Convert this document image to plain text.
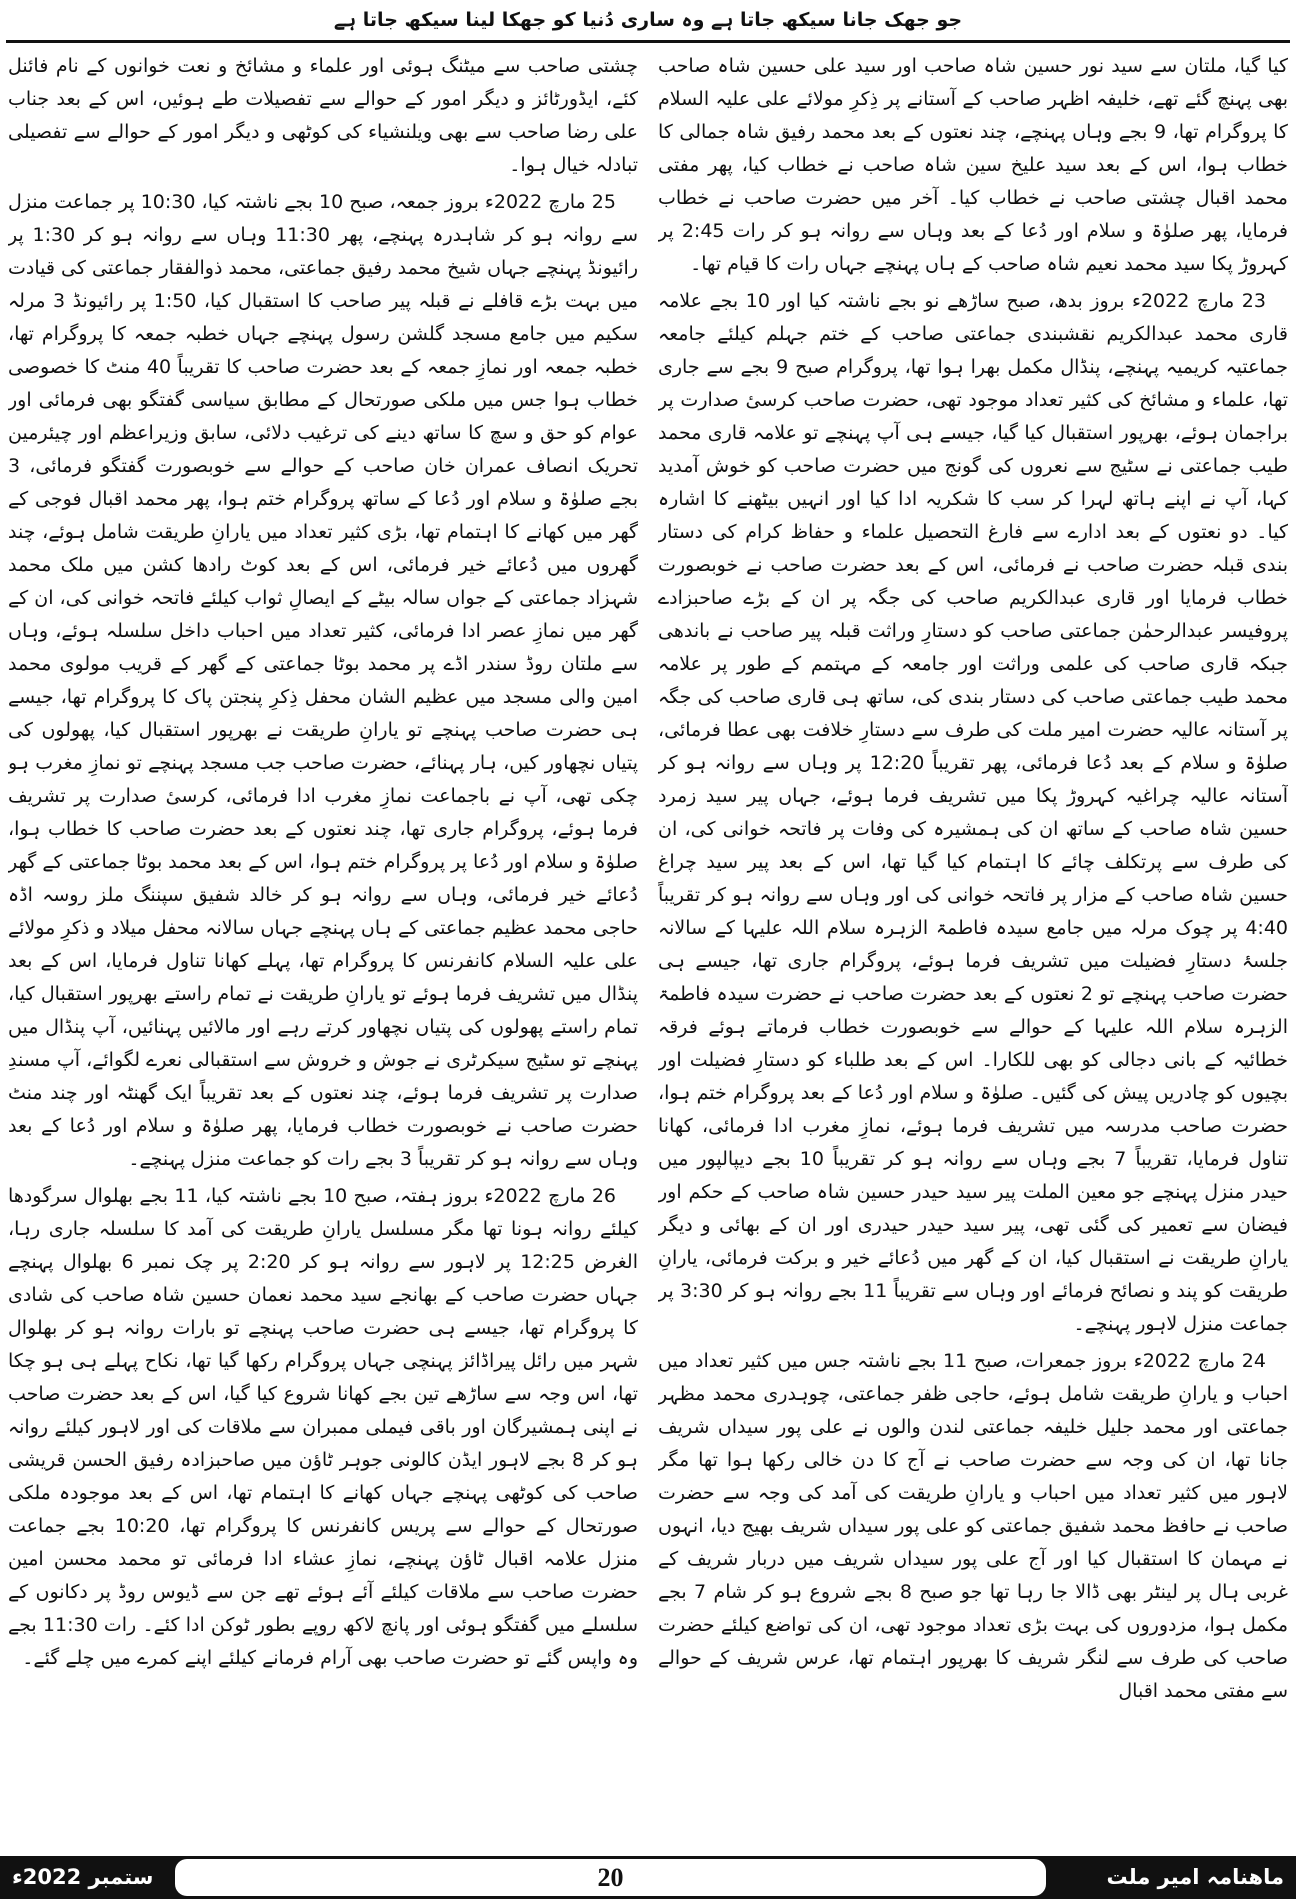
جو جھک جانا سیکھ جاتا ہے وہ ساری دُنیا کو جھکا لینا سیکھ جاتا ہے

کیا گیا، ملتان سے سید نور حسین شاہ صاحب اور سید علی حسین شاہ صاحب بھی پہنچ گئے تھے، خلیفہ اظہر صاحب کے آستانے پر ذِکرِ مولائے علی علیہ السلام کا پروگرام تھا، 9 بجے وہاں پہنچے، چند نعتوں کے بعد محمد رفیق شاہ جمالی کا خطاب ہوا، اس کے بعد سید علیخ سین شاہ صاحب نے خطاب کیا، پھر مفتی محمد اقبال چشتی صاحب نے خطاب کیا۔ آخر میں حضرت صاحب نے خطاب فرمایا، پھر صلوٰۃ و سلام اور دُعا کے بعد وہاں سے روانہ ہو کر رات 2:45 پر کہروڑ پکا سید محمد نعیم شاہ صاحب کے ہاں پہنچے جہاں رات کا قیام تھا۔

23 مارچ 2022ء بروز بدھ، صبح ساڑھے نو بجے ناشتہ کیا اور 10 بجے علامہ قاری محمد عبدالکریم نقشبندی جماعتی صاحب کے ختم جہلم کیلئے جامعہ جماعتیہ کریمیہ پہنچے، پنڈال مکمل بھرا ہوا تھا، پروگرام صبح 9 بجے سے جاری تھا، علماء و مشائخ کی کثیر تعداد موجود تھی، حضرت صاحب کرسیٔ صدارت پر براجمان ہوئے، بھرپور استقبال کیا گیا، جیسے ہی آپ پہنچے تو علامہ قاری محمد طیب جماعتی نے سٹیج سے نعروں کی گونج میں حضرت صاحب کو خوش آمدید کہا، آپ نے اپنے ہاتھ لہرا کر سب کا شکریہ ادا کیا اور انہیں بیٹھنے کا اشارہ کیا۔ دو نعتوں کے بعد ادارے سے فارغ التحصیل علماء و حفاظ کرام کی دستار بندی قبلہ حضرت صاحب نے فرمائی، اس کے بعد حضرت صاحب نے خوبصورت خطاب فرمایا اور قاری عبدالکریم صاحب کی جگہ پر ان کے بڑے صاحبزادے پروفیسر عبدالرحمٰن جماعتی صاحب کو دستارِ وراثت قبلہ پیر صاحب نے باندھی جبکہ قاری صاحب کی علمی وراثت اور جامعہ کے مہتمم کے طور پر علامہ محمد طیب جماعتی صاحب کی دستار بندی کی، ساتھ ہی قاری صاحب کی جگہ پر آستانہ عالیہ حضرت امیر ملت کی طرف سے دستارِ خلافت بھی عطا فرمائی، صلوٰۃ و سلام کے بعد دُعا فرمائی، پھر تقریباً 12:20 پر وہاں سے روانہ ہو کر آستانہ عالیہ چراغیہ کہروڑ پکا میں تشریف فرما ہوئے، جہاں پیر سید زمرد حسین شاہ صاحب کے ساتھ ان کی ہمشیرہ کی وفات پر فاتحہ خوانی کی، ان کی طرف سے پرتکلف چائے کا اہتمام کیا گیا تھا، اس کے بعد پیر سید چراغ حسین شاہ صاحب کے مزار پر فاتحہ خوانی کی اور وہاں سے روانہ ہو کر تقریباً 4:40 پر چوک مرلہ میں جامع سیدہ فاطمۃ الزہرہ سلام اللہ علیہا کے سالانہ جلسۂ دستارِ فضیلت میں تشریف فرما ہوئے، پروگرام جاری تھا، جیسے ہی حضرت صاحب پہنچے تو 2 نعتوں کے بعد حضرت صاحب نے حضرت سیدہ فاطمۃ الزہرہ سلام اللہ علیہا کے حوالے سے خوبصورت خطاب فرماتے ہوئے فرقہ خطائیہ کے بانی دجالی کو بھی للکارا۔ اس کے بعد طلباء کو دستارِ فضیلت اور بچیوں کو چادریں پیش کی گئیں۔ صلوٰۃ و سلام اور دُعا کے بعد پروگرام ختم ہوا، حضرت صاحب مدرسہ میں تشریف فرما ہوئے، نمازِ مغرب ادا فرمائی، کھانا تناول فرمایا، تقریباً 7 بجے وہاں سے روانہ ہو کر تقریباً 10 بجے دیپالپور میں حیدر منزل پہنچے جو معین الملت پیر سید حیدر حسین شاہ صاحب کے حکم اور فیضان سے تعمیر کی گئی تھی، پیر سید حیدر حیدری اور ان کے بھائی و دیگر یارانِ طریقت نے استقبال کیا، ان کے گھر میں دُعائے خیر و برکت فرمائی، یارانِ طریقت کو پند و نصائح فرمائے اور وہاں سے تقریباً 11 بجے روانہ ہو کر 3:30 پر جماعت منزل لاہور پہنچے۔

24 مارچ 2022ء بروز جمعرات، صبح 11 بجے ناشتہ جس میں کثیر تعداد میں احباب و یارانِ طریقت شامل ہوئے، حاجی ظفر جماعتی، چوہدری محمد مظہر جماعتی اور محمد جلیل خلیفہ جماعتی لندن والوں نے علی پور سیداں شریف جانا تھا، ان کی وجہ سے حضرت صاحب نے آج کا دن خالی رکھا ہوا تھا مگر لاہور میں کثیر تعداد میں احباب و یارانِ طریقت کی آمد کی وجہ سے حضرت صاحب نے حافظ محمد شفیق جماعتی کو علی پور سیداں شریف بھیج دیا، انہوں نے مہمان کا استقبال کیا اور آج علی پور سیداں شریف میں دربار شریف کے غربی ہال پر لینٹر بھی ڈالا جا رہا تھا جو صبح 8 بجے شروع ہو کر شام 7 بجے مکمل ہوا، مزدوروں کی بہت بڑی تعداد موجود تھی، ان کی تواضع کیلئے حضرت صاحب کی طرف سے لنگر شریف کا بھرپور اہتمام تھا، عرس شریف کے حوالے سے مفتی محمد اقبال

چشتی صاحب سے میٹنگ ہوئی اور علماء و مشائخ و نعت خوانوں کے نام فائنل کئے، ایڈورٹائز و دیگر امور کے حوالے سے تفصیلات طے ہوئیں، اس کے بعد جناب علی رضا صاحب سے بھی ویلنشیاء کی کوٹھی و دیگر امور کے حوالے سے تفصیلی تبادلہ خیال ہوا۔

25 مارچ 2022ء بروز جمعہ، صبح 10 بجے ناشتہ کیا، 10:30 پر جماعت منزل سے روانہ ہو کر شاہدرہ پہنچے، پھر 11:30 وہاں سے روانہ ہو کر 1:30 پر رائیونڈ پہنچے جہاں شیخ محمد رفیق جماعتی، محمد ذوالفقار جماعتی کی قیادت میں بہت بڑے قافلے نے قبلہ پیر صاحب کا استقبال کیا، 1:50 پر رائیونڈ 3 مرلہ سکیم میں جامع مسجد گلشن رسول پہنچے جہاں خطبہ جمعہ کا پروگرام تھا، خطبہ جمعہ اور نمازِ جمعہ کے بعد حضرت صاحب کا تقریباً 40 منٹ کا خصوصی خطاب ہوا جس میں ملکی صورتحال کے مطابق سیاسی گفتگو بھی فرمائی اور عوام کو حق و سچ کا ساتھ دینے کی ترغیب دلائی، سابق وزیراعظم اور چیئرمین تحریک انصاف عمران خان صاحب کے حوالے سے خوبصورت گفتگو فرمائی، 3 بجے صلوٰۃ و سلام اور دُعا کے ساتھ پروگرام ختم ہوا، پھر محمد اقبال فوجی کے گھر میں کھانے کا اہتمام تھا، بڑی کثیر تعداد میں یارانِ طریقت شامل ہوئے، چند گھروں میں دُعائے خیر فرمائی، اس کے بعد کوٹ رادھا کشن میں ملک محمد شہزاد جماعتی کے جواں سالہ بیٹے کے ایصالِ ثواب کیلئے فاتحہ خوانی کی، ان کے گھر میں نمازِ عصر ادا فرمائی، کثیر تعداد میں احباب داخل سلسلہ ہوئے، وہاں سے ملتان روڈ سندر اڈے پر محمد بوٹا جماعتی کے گھر کے قریب مولوی محمد امین والی مسجد میں عظیم الشان محفل ذِکرِ پنجتن پاک کا پروگرام تھا، جیسے ہی حضرت صاحب پہنچے تو یارانِ طریقت نے بھرپور استقبال کیا، پھولوں کی پتیاں نچھاور کیں، ہار پہنائے، حضرت صاحب جب مسجد پہنچے تو نمازِ مغرب ہو چکی تھی، آپ نے باجماعت نمازِ مغرب ادا فرمائی، کرسیٔ صدارت پر تشریف فرما ہوئے، پروگرام جاری تھا، چند نعتوں کے بعد حضرت صاحب کا خطاب ہوا، صلوٰۃ و سلام اور دُعا پر پروگرام ختم ہوا، اس کے بعد محمد بوٹا جماعتی کے گھر دُعائے خیر فرمائی، وہاں سے روانہ ہو کر خالد شفیق سپننگ ملز روسہ اڈہ حاجی محمد عظیم جماعتی کے ہاں پہنچے جہاں سالانہ محفل میلاد و ذکرِ مولائے علی علیہ السلام کانفرنس کا پروگرام تھا، پہلے کھانا تناول فرمایا، اس کے بعد پنڈال میں تشریف فرما ہوئے تو یارانِ طریقت نے تمام راستے بھرپور استقبال کیا، تمام راستے پھولوں کی پتیاں نچھاور کرتے رہے اور مالائیں پہنائیں، آپ پنڈال میں پہنچے تو سٹیج سیکرٹری نے جوش و خروش سے استقبالی نعرے لگوائے، آپ مسندِ صدارت پر تشریف فرما ہوئے، چند نعتوں کے بعد تقریباً ایک گھنٹہ اور چند منٹ حضرت صاحب نے خوبصورت خطاب فرمایا، پھر صلوٰۃ و سلام اور دُعا کے بعد وہاں سے روانہ ہو کر تقریباً 3 بجے رات کو جماعت منزل پہنچے۔

26 مارچ 2022ء بروز ہفتہ، صبح 10 بجے ناشتہ کیا، 11 بجے بھلوال سرگودھا کیلئے روانہ ہونا تھا مگر مسلسل یارانِ طریقت کی آمد کا سلسلہ جاری رہا، الغرض 12:25 پر لاہور سے روانہ ہو کر 2:20 پر چک نمبر 6 بھلوال پہنچے جہاں حضرت صاحب کے بھانجے سید محمد نعمان حسین شاہ صاحب کی شادی کا پروگرام تھا، جیسے ہی حضرت صاحب پہنچے تو بارات روانہ ہو کر بھلوال شہر میں رائل پیراڈائز پہنچی جہاں پروگرام رکھا گیا تھا، نکاح پہلے ہی ہو چکا تھا، اس وجہ سے ساڑھے تین بجے کھانا شروع کیا گیا، اس کے بعد حضرت صاحب نے اپنی ہمشیرگان اور باقی فیملی ممبران سے ملاقات کی اور لاہور کیلئے روانہ ہو کر 8 بجے لاہور ایڈن کالونی جوہر ٹاؤن میں صاحبزادہ رفیق الحسن قریشی صاحب کی کوٹھی پہنچے جہاں کھانے کا اہتمام تھا، اس کے بعد موجودہ ملکی صورتحال کے حوالے سے پریس کانفرنس کا پروگرام تھا، 10:20 بجے جماعت منزل علامہ اقبال ٹاؤن پہنچے، نمازِ عشاء ادا فرمائی تو محمد محسن امین حضرت صاحب سے ملاقات کیلئے آئے ہوئے تھے جن سے ڈیوس روڈ پر دکانوں کے سلسلے میں گفتگو ہوئی اور پانچ لاکھ روپے بطور ٹوکن ادا کئے۔ رات 11:30 بجے وہ واپس گئے تو حضرت صاحب بھی آرام فرمانے کیلئے اپنے کمرے میں چلے گئے۔

20	ماھنامہ امیر ملت
ستمبر 2022ء
